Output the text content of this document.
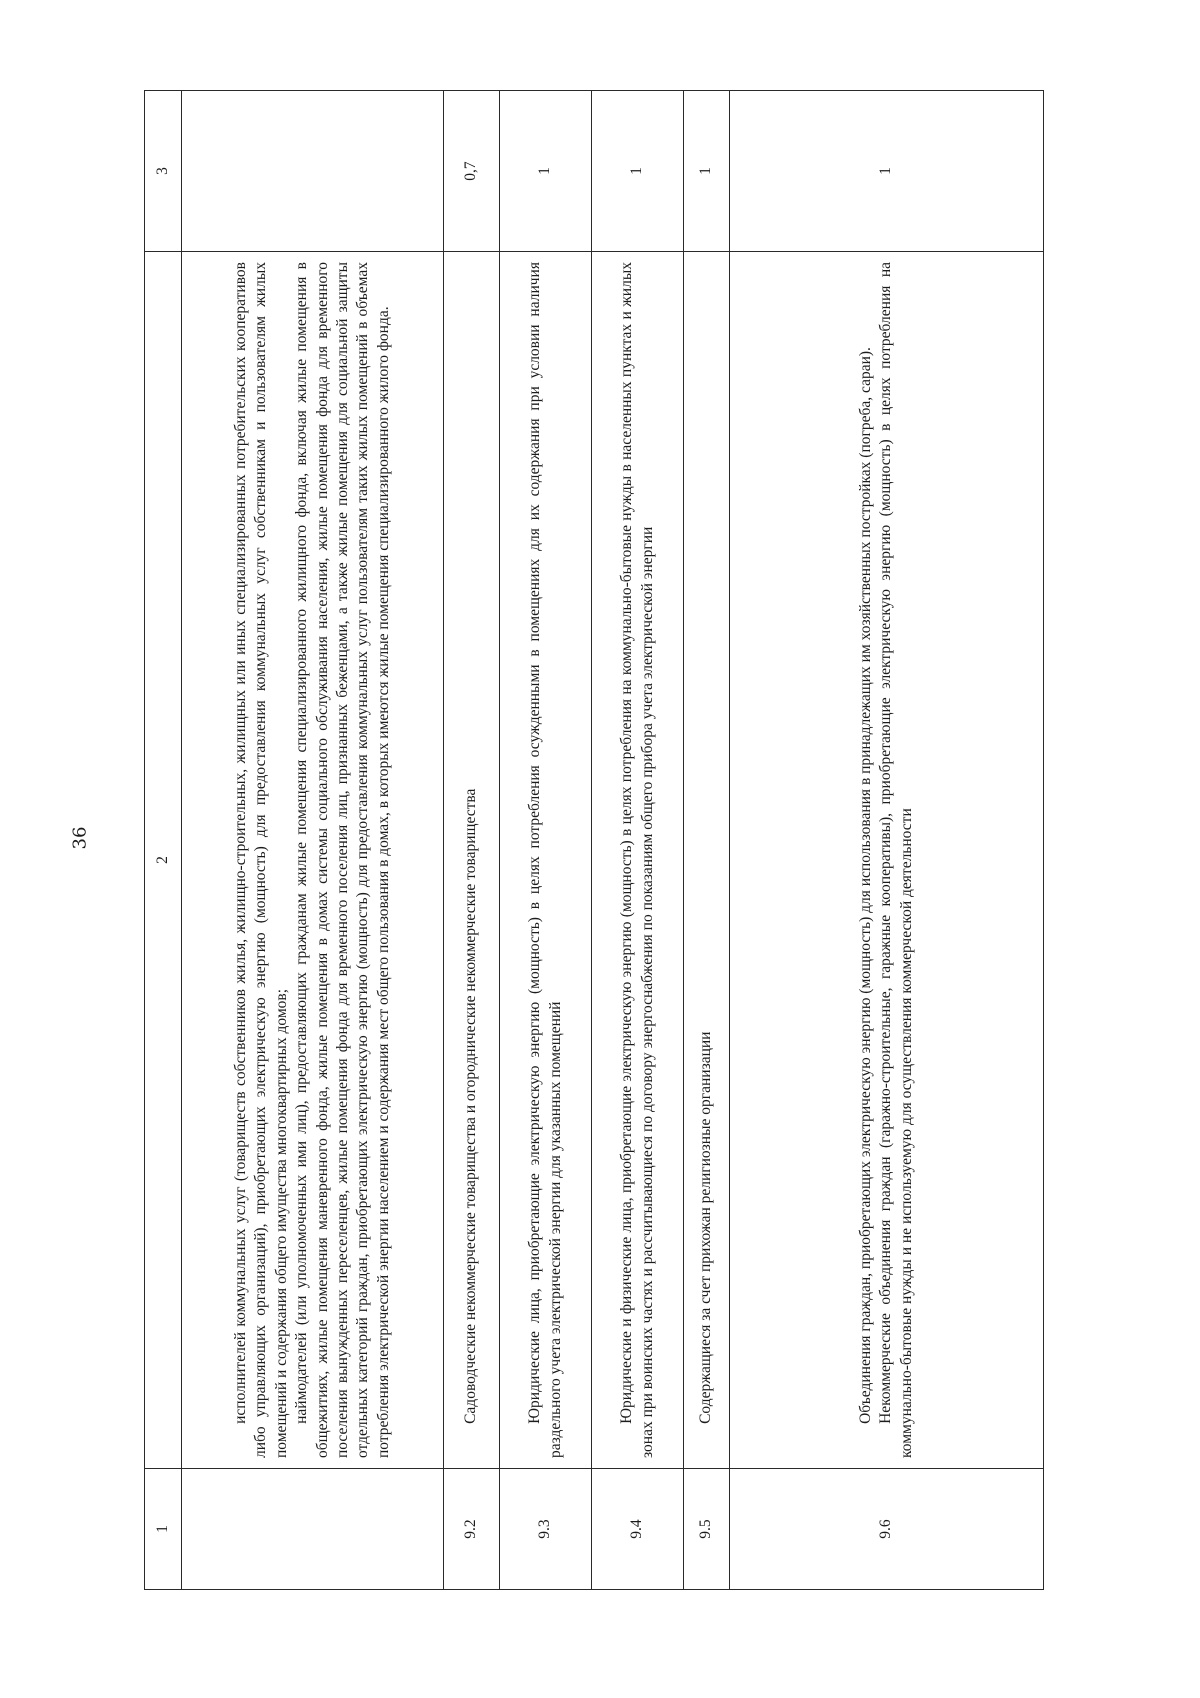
36
1	2	3

	исполнителей коммунальных услуг (товариществ собственников жилья, жилищно-строительных, жилищных или иных специализированных потребительских кооперативов либо управляющих организаций), приобретающих электрическую энергию (мощность) для предоставления коммунальных услуг собственникам и пользователям жилых помещений и содержания общего имущества многоквартирных домов; наймодателей (или уполномоченных ими лиц), предоставляющих гражданам жилые помещения специализированного жилищного фонда, включая жилые помещения в общежитиях, жилые помещения маневренного фонда, жилые помещения в домах системы социального обслуживания населения, жилые помещения фонда для временного поселения вынужденных переселенцев, жилые помещения фонда для временного поселения лиц, признанных беженцами, а также жилые помещения для социальной защиты отдельных категорий граждан, приобретающих электрическую энергию (мощность) для предоставления коммунальных услуг пользователям таких жилых помещений в объемах потребления электрической энергии населением и содержания мест общего пользования в домах, в которых имеются жилые помещения специализированного жилого фонда.	

9.2	Садоводческие некоммерческие товарищества и огороднические некоммерческие товарищества	0,7
9.3	Юридические лица, приобретающие электрическую энергию (мощность) в целях потребления осужденными в помещениях для их содержания при условии наличия раздельного учета электрической энергии для указанных помещений	1
9.4	Юридические и физические лица, приобретающие электрическую энергию (мощность) в целях потребления на коммунально-бытовые нужды в населенных пунктах и жилых зонах при воинских частях и рассчитывающиеся по договору энергоснабжения по показаниям общего прибора учета электрической энергии	1
9.5	Содержащиеся за счет прихожан религиозные организации	1
9.6	Объединения граждан, приобретающих электрическую энергию (мощность) для использования в принадлежащих им хозяйственных постройках (погреба, сараи). Некоммерческие объединения граждан (гаражно-строительные, гаражные кооперативы), приобретающие электрическую энергию (мощность) в целях потребления на коммунально-бытовые нужды и не используемую для осуществления коммерческой деятельности	1
